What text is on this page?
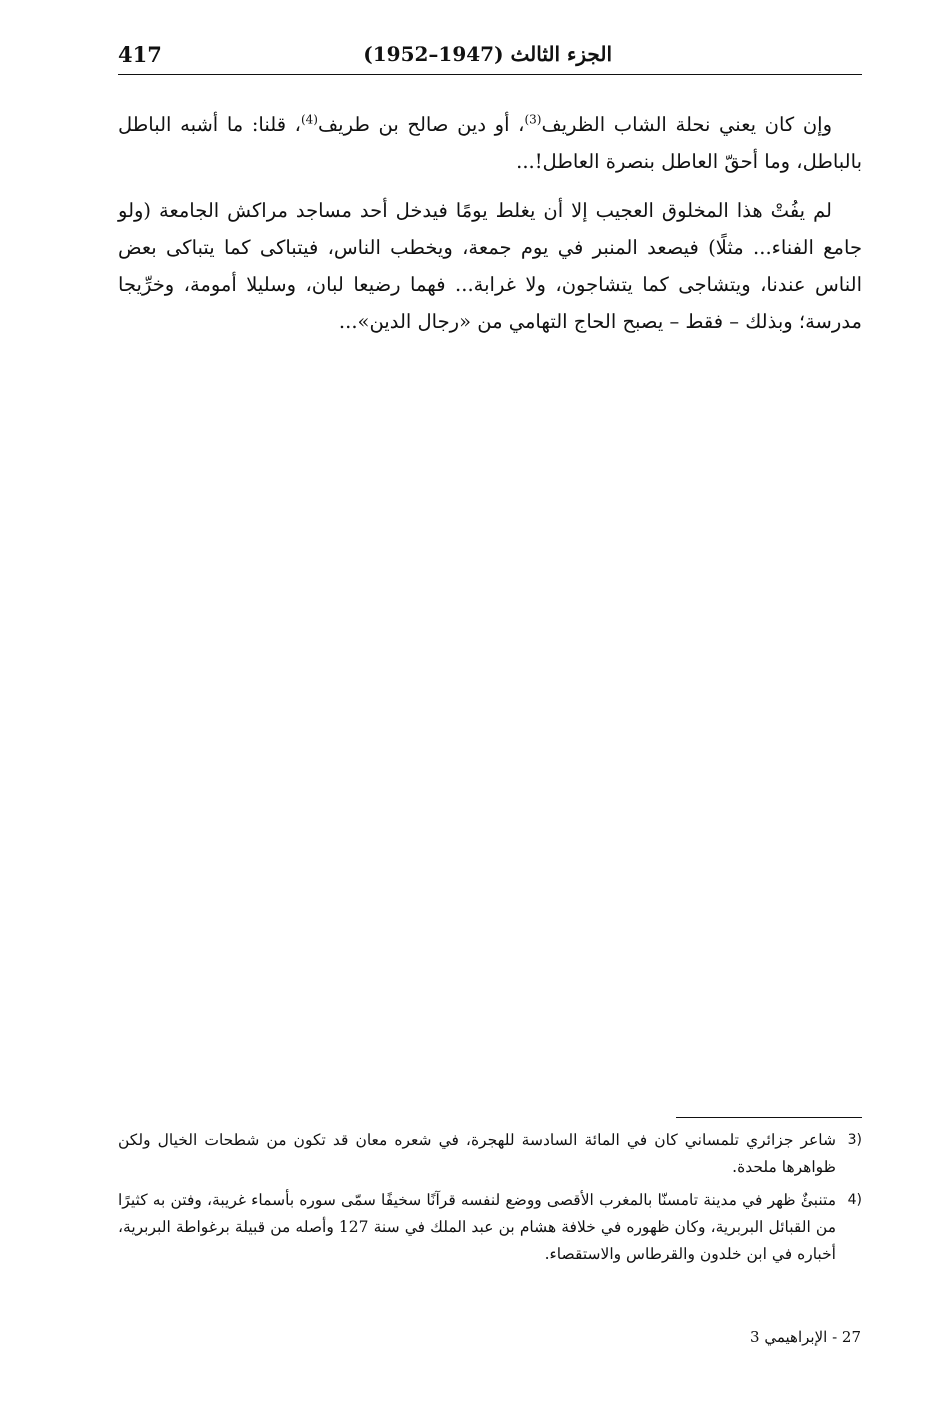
417	الجزء الثالث (1947–1952)

وإن كان يعني نحلة الشاب الظريف$^{(3)}$، أو دين صالح بن طريف$^{(4)}$، قلنا: ما أشبه الباطل بالباطل، وما أحقّ العاطل بنصرة العاطل!...

لم يفُتْ هذا المخلوق العجيب إلا أن يغلط يومًا فيدخل أحد مساجد مراكش الجامعة (ولو جامع الفناء... مثلًا) فيصعد المنبر في يوم جمعة، ويخطب الناس، فيتباكى كما يتباكى بعض الناس عندنا، ويتشاجى كما يتشاجون، ولا غرابة... فهما رضيعا لبان، وسليلا أمومة، وخرِّيجا مدرسة؛ وبذلك – فقط – يصبح الحاج التهامي من «رجال الدين»...

3)
شاعر جزائري تلمساني كان في المائة السادسة للهجرة، في شعره معان قد تكون من شطحات الخيال ولكن ظواهرها ملحدة.
4)
متنبئٌ ظهر في مدينة تامسنّا بالمغرب الأقصى ووضع لنفسه قرآنًا سخيفًا سمّى سوره بأسماء غريبة، وفتن به كثيرًا من القبائل البربرية، وكان ظهوره في خلافة هشام بن عبد الملك في سنة 127 وأصله من قبيلة برغواطة البربرية، أخباره في ابن خلدون والقرطاس والاستقصاء.
27 - الإبراهيمي 3
